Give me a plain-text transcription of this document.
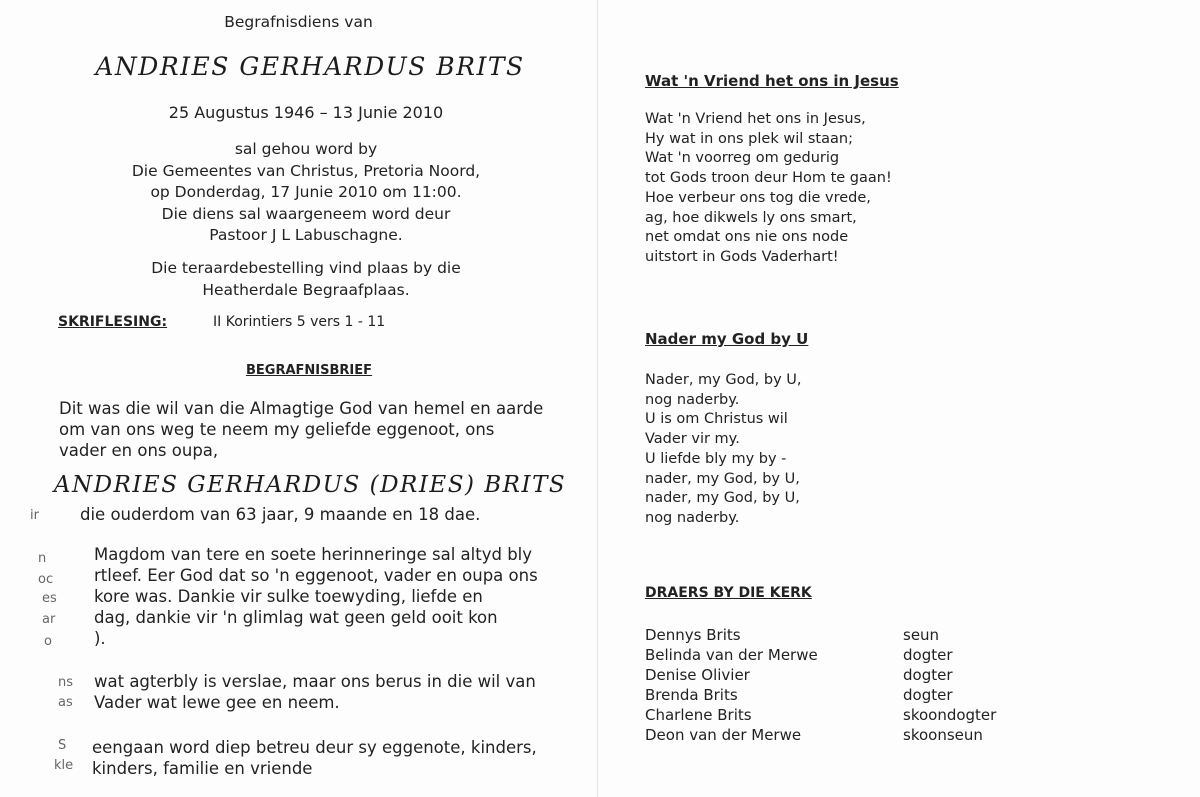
Begrafnisdiens van
ANDRIES GERHARDUS BRITS
25 Augustus 1946 – 13 Junie 2010
sal gehou word by
Die Gemeentes van Christus, Pretoria Noord,
op Donderdag, 17 Junie 2010 om 11:00.
Die diens sal waargeneem word deur
Pastoor J L Labuschagne.
Die teraardebestelling vind plaas by die
Heatherdale Begraafplaas.
SKRIFLESING:	II Korintiers 5 vers 1 - 11
BEGRAFNISBRIEF
Dit was die wil van die Almagtige God van hemel en aarde
om van ons weg te neem my geliefde eggenoot, ons
vader en ons oupa,
ANDRIES GERHARDUS (DRIES) BRITS
die ouderdom van 63 jaar, 9 maande en 18 dae.
Magdom van tere en soete herinneringe sal altyd bly
rtleef. Eer God dat so 'n eggenoot, vader en oupa ons
kore was. Dankie vir sulke toewyding, liefde en
dag, dankie vir 'n glimlag wat geen geld ooit kon
).
wat agterbly is verslae, maar ons berus in die wil van
Vader wat lewe gee en neem.
eengaan word diep betreu deur sy eggenote, kinders,
kinders, familie en vriende
ir
n
oc
es
ar
o
ns
as
S
kle
Wat 'n Vriend het ons in Jesus
Wat 'n Vriend het ons in Jesus,
Hy wat in ons plek wil staan;
Wat 'n voorreg om gedurig
tot Gods troon deur Hom te gaan!
Hoe verbeur ons tog die vrede,
ag, hoe dikwels ly ons smart,
net omdat ons nie ons node
uitstort in Gods Vaderhart!
Nader my God by U
Nader, my God, by U,
nog naderby.
U is om Christus wil
Vader vir my.
U liefde bly my by -
nader, my God, by U,
nader, my God, by U,
nog naderby.
DRAERS BY DIE KERK
Dennys Brits	seun
Belinda van der Merwe	dogter
Denise Olivier	dogter
Brenda Brits	dogter
Charlene Brits	skoondogter
Deon van der Merwe	skoonseun
